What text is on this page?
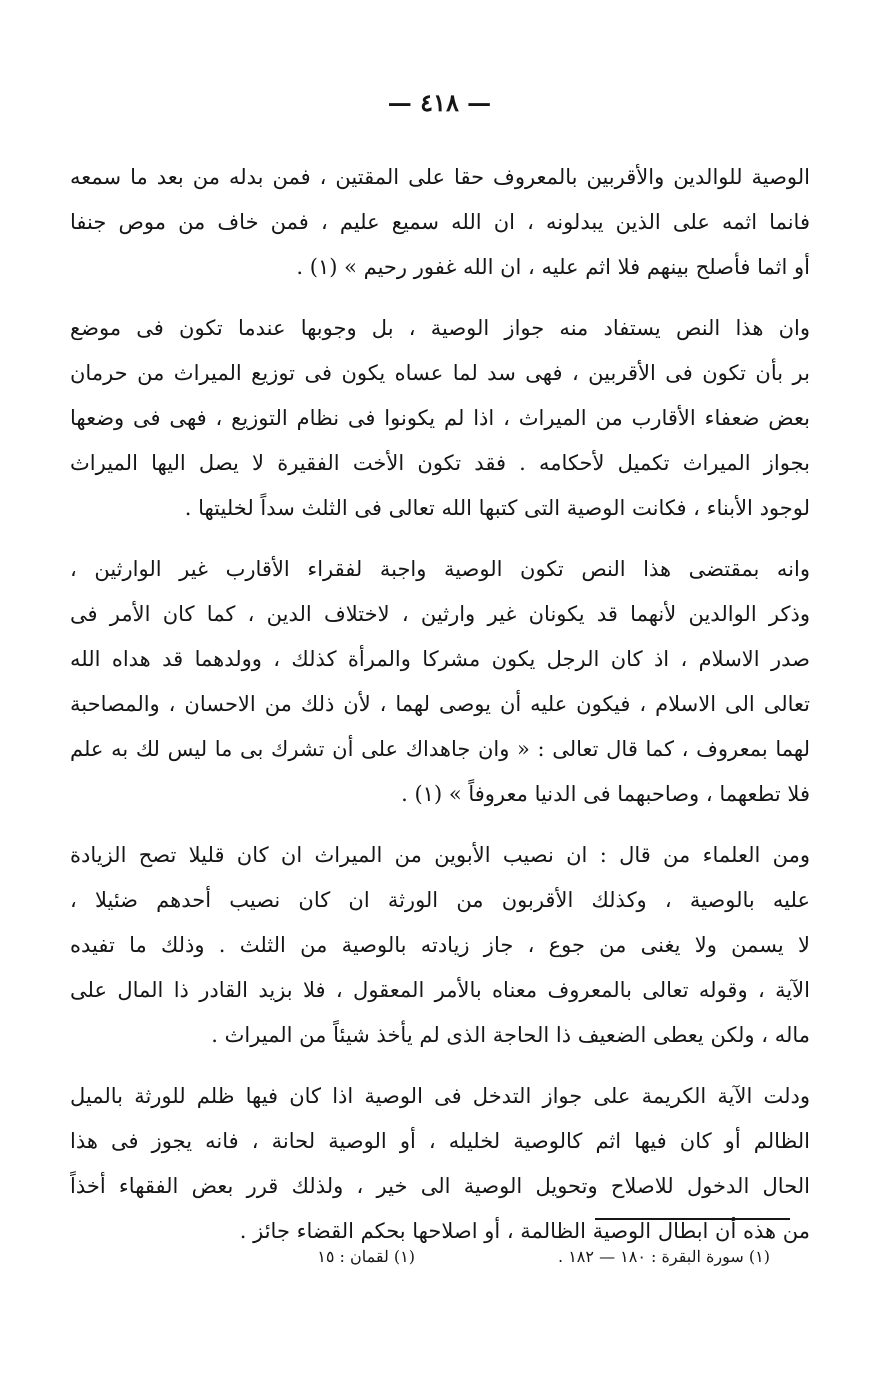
— ٤١٨ —

الوصية للوالدين والأقربين بالمعروف حقا على المقتين ، فمن بدله من بعد ما سمعه
فانما اثمه على الذين يبدلونه ، ان الله سميع عليم ، فمن خاف من موص جنفا
أو اثما فأصلح بينهم فلا اثم عليه ، ان الله غفور رحيم » (١) .

وان هذا النص يستفاد منه جواز الوصية ، بل وجوبها عندما تكون فى موضع
بر بأن تكون فى الأقربين ، فهى سد لما عساه يكون فى توزيع الميراث من حرمان
بعض ضعفاء الأقارب من الميراث ، اذا لم يكونوا فى نظام التوزيع ، فهى فى وضعها
بجواز الميراث تكميل لأحكامه . فقد تكون الأخت الفقيرة لا يصل اليها الميراث
لوجود الأبناء ، فكانت الوصية التى كتبها الله تعالى فى الثلث سداً لخليتها .

وانه بمقتضى هذا النص تكون الوصية واجبة لفقراء الأقارب غير الوارثين ،
وذكر الوالدين لأنهما قد يكونان غير وارثين ، لاختلاف الدين ، كما كان الأمر فى
صدر الاسلام ، اذ كان الرجل يكون مشركا والمرأة كذلك ، وولدهما قد هداه الله
تعالى الى الاسلام ، فيكون عليه أن يوصى لهما ، لأن ذلك من الاحسان ، والمصاحبة
لهما بمعروف ، كما قال تعالى : « وان جاهداك على أن تشرك بى ما ليس لك به علم
فلا تطعهما ، وصاحبهما فى الدنيا معروفاً » (١) .

ومن العلماء من قال : ان نصيب الأبوين من الميراث ان كان قليلا تصح الزيادة
عليه بالوصية ، وكذلك الأقربون من الورثة ان كان نصيب أحدهم ضئيلا ،
لا يسمن ولا يغنى من جوع ، جاز زيادته بالوصية من الثلث . وذلك ما تفيده
الآية ، وقوله تعالى بالمعروف معناه بالأمر المعقول ، فلا بزيد القادر ذا المال على
ماله ، ولكن يعطى الضعيف ذا الحاجة الذى لم يأخذ شيئاً من الميراث .

ودلت الآية الكريمة على جواز التدخل فى الوصية اذا كان فيها ظلم للورثة بالميل
الظالم أو كان فيها اثم كالوصية لخليله ، أو الوصية لحانة ، فانه يجوز فى هذا
الحال الدخول للاصلاح وتحويل الوصية الى خير ، ولذلك قرر بعض الفقهاء أخذاً
من هذه أن ابطال الوصية الظالمة ، أو اصلاحها بحكم القضاء جائز .

(١) سورة البقرة : ١٨٠ — ١٨٢ .
(١) لقمان : ١٥
